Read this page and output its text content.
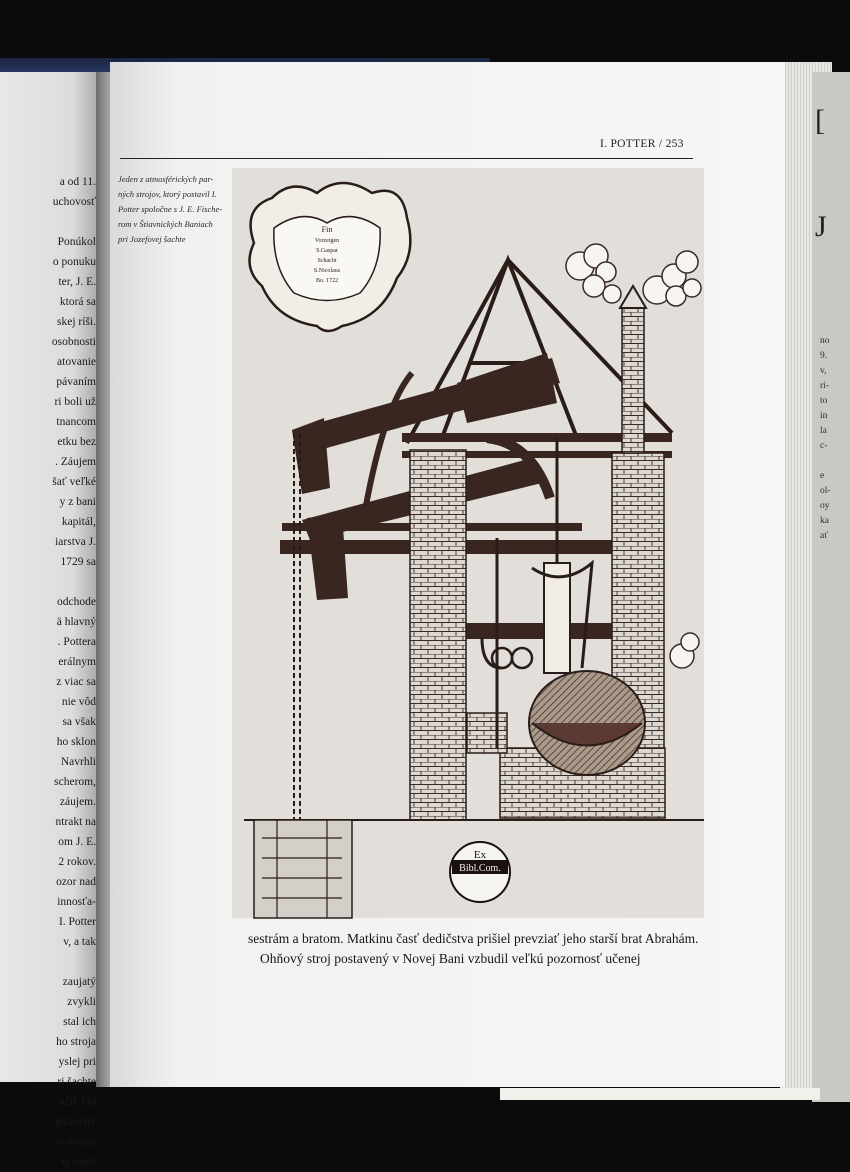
no
9.
v,
ri-
to
in
la
c-

e
ol-
oy
ka
ať
[
J
a od 11.
uchovosť
Ponúkol
o ponuku
ter, J. E.
ktorá sa
skej ríši.
osobnosti
atovanie
pávaním
ri boli už
tnancom
etku bez
. Záujem
šať veľké
y z bani
kapitál,
iarstva J.
1729 sa
odchode
ä hlavný
. Pottera
erálnym
z viac sa
nie vôd
sa však
ho sklon
Navrhli
scherom,
záujem.
ntrakt na
om J. E.
2 rokov.
ozor nad
innosťa-
I. Potter
v, a tak
zaujatý
zvykli
stal ich
ho stroja
yslej pri
ri šachte
nčil. Od
pätročný
o svojho
ej smrti
I. POTTER / 253
Jeden z atmosférických par-
ných strojov, ktorý postavil I.
Potter spoločne s J. E. Fische-
rom v Štiavnických Baniach
pri Jozefovej šachte
Fin
Vorzeigen
S.Gaspar
Schacht
S.Nicolaus
Bo. 1722
Ex
Bibl.Com.

sestrám a bratom. Matkinu časť dedičstva prišiel prevziať jeho starší brat Abrahám.

Ohňový stroj postavený v Novej Bani vzbudil veľkú pozornosť učenej
